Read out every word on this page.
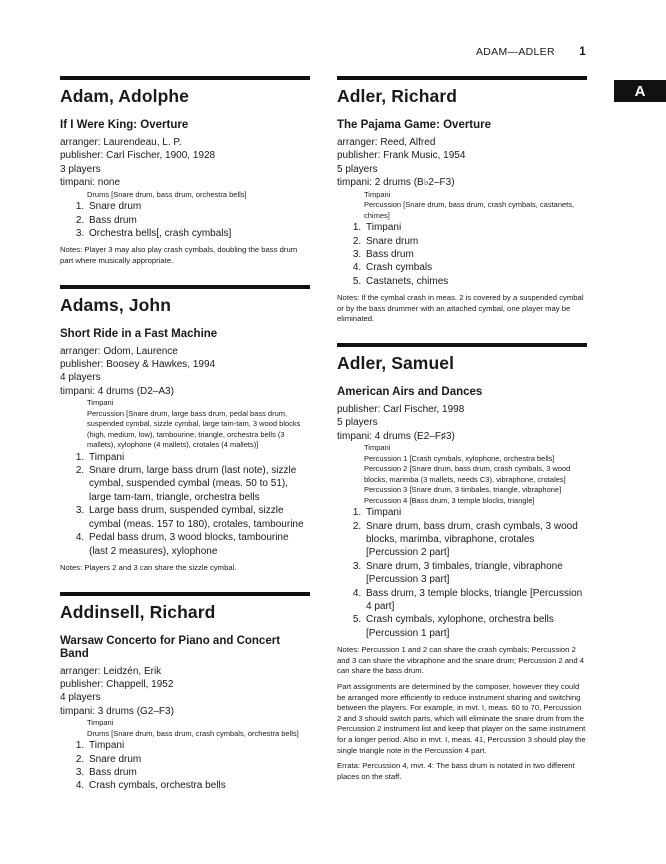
ADAM—ADLER 1
A
Adam, Adolphe
If I Were King: Overture
arranger: Laurendeau, L. P.
publisher: Carl Fischer, 1900, 1928
3 players
timpani: none
Drums [Snare drum, bass drum, orchestra bells]
1. Snare drum
2. Bass drum
3. Orchestra bells[, crash cymbals]
Notes: Player 3 may also play crash cymbals, doubling the bass drum part where musically appropriate.
Adams, John
Short Ride in a Fast Machine
arranger: Odom, Laurence
publisher: Boosey & Hawkes, 1994
4 players
timpani: 4 drums (D2–A3)
Timpani
Percussion [Snare drum, large bass drum, pedal bass drum, suspended cymbal, sizzle cymbal, large tam-tam, 3 wood blocks (high, medium, low), tambourine, triangle, orchestra bells (3 mallets), xylophone (4 mallets), crotales (4 mallets)]
1. Timpani
2. Snare drum, large bass drum (last note), sizzle cymbal, suspended cymbal (meas. 50 to 51), large tam-tam, triangle, orchestra bells
3. Large bass drum, suspended cymbal, sizzle cymbal (meas. 157 to 180), crotales, tambourine
4. Pedal bass drum, 3 wood blocks, tambourine (last 2 measures), xylophone
Notes: Players 2 and 3 can share the sizzle cymbal.
Addinsell, Richard
Warsaw Concerto for Piano and Concert Band
arranger: Leidzén, Erik
publisher: Chappell, 1952
4 players
timpani: 3 drums (G2–F3)
Timpani
Drums [Snare drum, bass drum, crash cymbals, orchestra bells]
1. Timpani
2. Snare drum
3. Bass drum
4. Crash cymbals, orchestra bells
Adler, Richard
The Pajama Game: Overture
arranger: Reed, Alfred
publisher: Frank Music, 1954
5 players
timpani: 2 drums (B♭2–F3)
Timpani
Percussion [Snare drum, bass drum, crash cymbals, castanets, chimes]
1. Timpani
2. Snare drum
3. Bass drum
4. Crash cymbals
5. Castanets, chimes
Notes: If the cymbal crash in meas. 2 is covered by a suspended cymbal or by the bass drummer with an attached cymbal, one player may be eliminated.
Adler, Samuel
American Airs and Dances
publisher: Carl Fischer, 1998
5 players
timpani: 4 drums (E2–F♯3)
Timpani
Percussion 1 [Crash cymbals, xylophone, orchestra bells]
Percussion 2 [Snare drum, bass drum, crash cymbals, 3 wood blocks, marimba (3 mallets, needs C3), vibraphone, crotales]
Percussion 3 [Snare drum, 3 timbales, triangle, vibraphone]
Percussion 4 [Bass drum, 3 temple blocks, triangle]
1. Timpani
2. Snare drum, bass drum, crash cymbals, 3 wood blocks, marimba, vibraphone, crotales [Percussion 2 part]
3. Snare drum, 3 timbales, triangle, vibraphone [Percussion 3 part]
4. Bass drum, 3 temple blocks, triangle [Percussion 4 part]
5. Crash cymbals, xylophone, orchestra bells [Percussion 1 part]
Notes: Percussion 1 and 2 can share the crash cymbals; Percussion 2 and 3 can share the vibraphone and the snare drum; Percussion 2 and 4 can share the bass drum.
Part assignments are determined by the composer, however they could be arranged more efficiently to reduce instrument sharing and switching between the players. For example, in mvt. I, meas. 60 to 70, Percussion 2 and 3 should switch parts, which will eliminate the snare drum from the Percussion 2 instrument list and keep that player on the same instrument for a longer period. Also in mvt. I, meas. 41, Percussion 3 should play the single triangle note in the Percussion 4 part.
Errata: Percussion 4, mvt. 4: The bass drum is notated in two different places on the staff.
